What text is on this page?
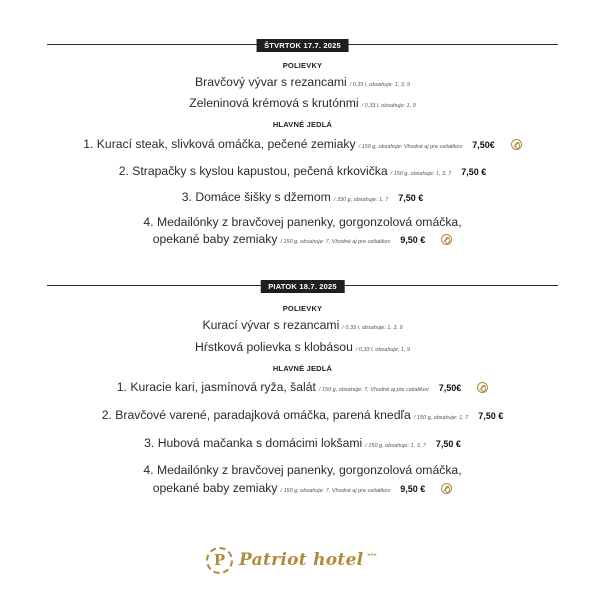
ŠTVRTOK 17.7. 2025
POLIEVKY
Bravčový vývar s rezancami / 0,33 l, obsahuje: 1, 3, 9
Zeleninová krémová s krutónmi / 0,33 l, obsahuje: 1, 9
HLAVNÉ JEDLÁ
1. Kurací steak, slivková omáčka, pečené zemiaky / 150 g, obsahuje: Vhodné aj pre celiatikov 7,50€
2. Strapačky s kyslou kapustou, pečená krkovička / 150 g, obsahuje: 1, 3, 7 7,50 €
3. Domáce šišky s džemom / 330 g, obsahuje: 1, 7 7,50 €
4. Medailónky z bravčovej panenky, gorgonzolová omáčka,
opekané baby zemiaky / 150 g, obsahuje: 7, Vhodné aj pre celiatikov 9,50 €
PIATOK 18.7. 2025
POLIEVKY
Kurací vývar s rezancami / 0,33 l, obsahuje: 1, 3, 9
Hŕstková polievka s klobásou / 0,33 l, obsahuje: 1, 9
HLAVNÉ JEDLÁ
1. Kuracie kari, jasmínová ryža, šalát / 150 g, obsahuje: 7, Vhodné aj pre celiatikov 7,50€
2. Bravčové varené, paradajková omáčka, parená knedľa / 150 g, obsahuje: 1, 7 7,50 €
3. Hubová mačanka s domácimi lokšami / 150 g, obsahuje: 1, 3, 7 7,50 €
4. Medailónky z bravčovej panenky, gorgonzolová omáčka,
opekané baby zemiaky / 150 g, obsahuje: 7, Vhodné aj pre celiatikov 9,50 €
P Patriot hotel ***
